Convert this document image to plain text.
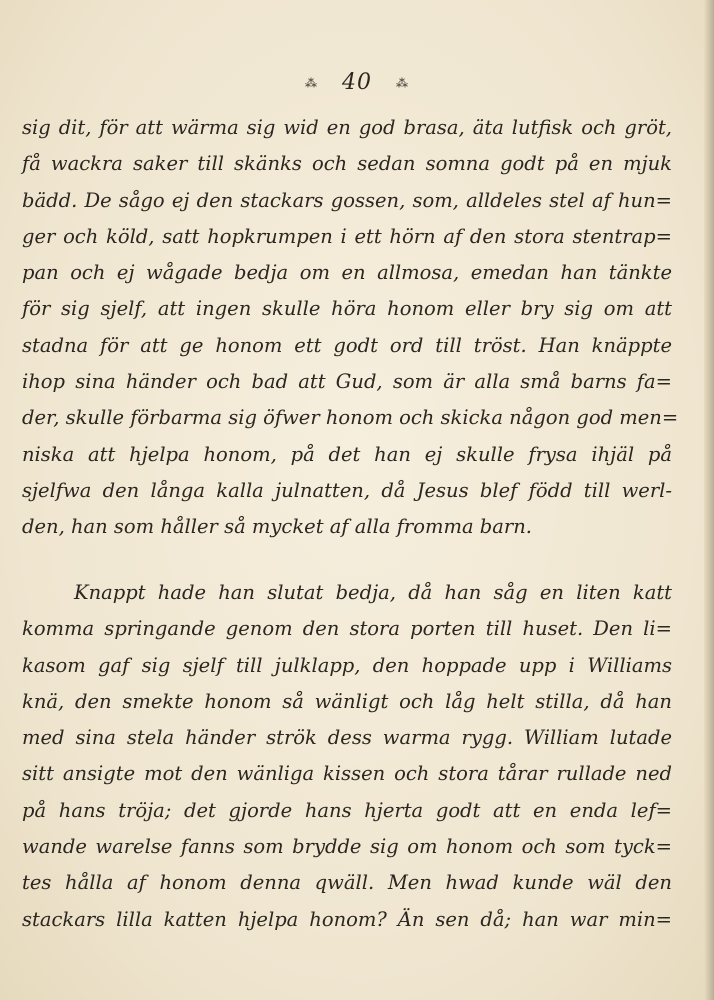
⁂ 40 ⁂
sig dit, för att wärma sig wid en god brasa, äta lutfisk och gröt,
få wackra saker till skänks och sedan somna godt på en mjuk
bädd. De sågo ej den stackars gossen, som, alldeles stel af hun=
ger och köld, satt hopkrumpen i ett hörn af den stora stentrap=
pan och ej wågade bedja om en allmosa, emedan han tänkte
för sig sjelf, att ingen skulle höra honom eller bry sig om att
stadna för att ge honom ett godt ord till tröst. Han knäppte
ihop sina händer och bad att Gud, som är alla små barns fa=
der, skulle förbarma sig öfwer honom och skicka någon god men=
niska att hjelpa honom, på det han ej skulle frysa ihjäl på
sjelfwa den långa kalla julnatten, då Jesus blef född till werl-
den, han som håller så mycket af alla fromma barn.
Knappt hade han slutat bedja, då han såg en liten katt
komma springande genom den stora porten till huset. Den li=
kasom gaf sig sjelf till julklapp, den hoppade upp i Williams
knä, den smekte honom så wänligt och låg helt stilla, då han
med sina stela händer strök dess warma rygg. William lutade
sitt ansigte mot den wänliga kissen och stora tårar rullade ned
på hans tröja; det gjorde hans hjerta godt att en enda lef=
wande warelse fanns som brydde sig om honom och som tyck=
tes hålla af honom denna qwäll. Men hwad kunde wäl den
stackars lilla katten hjelpa honom? Än sen då; han war min=
